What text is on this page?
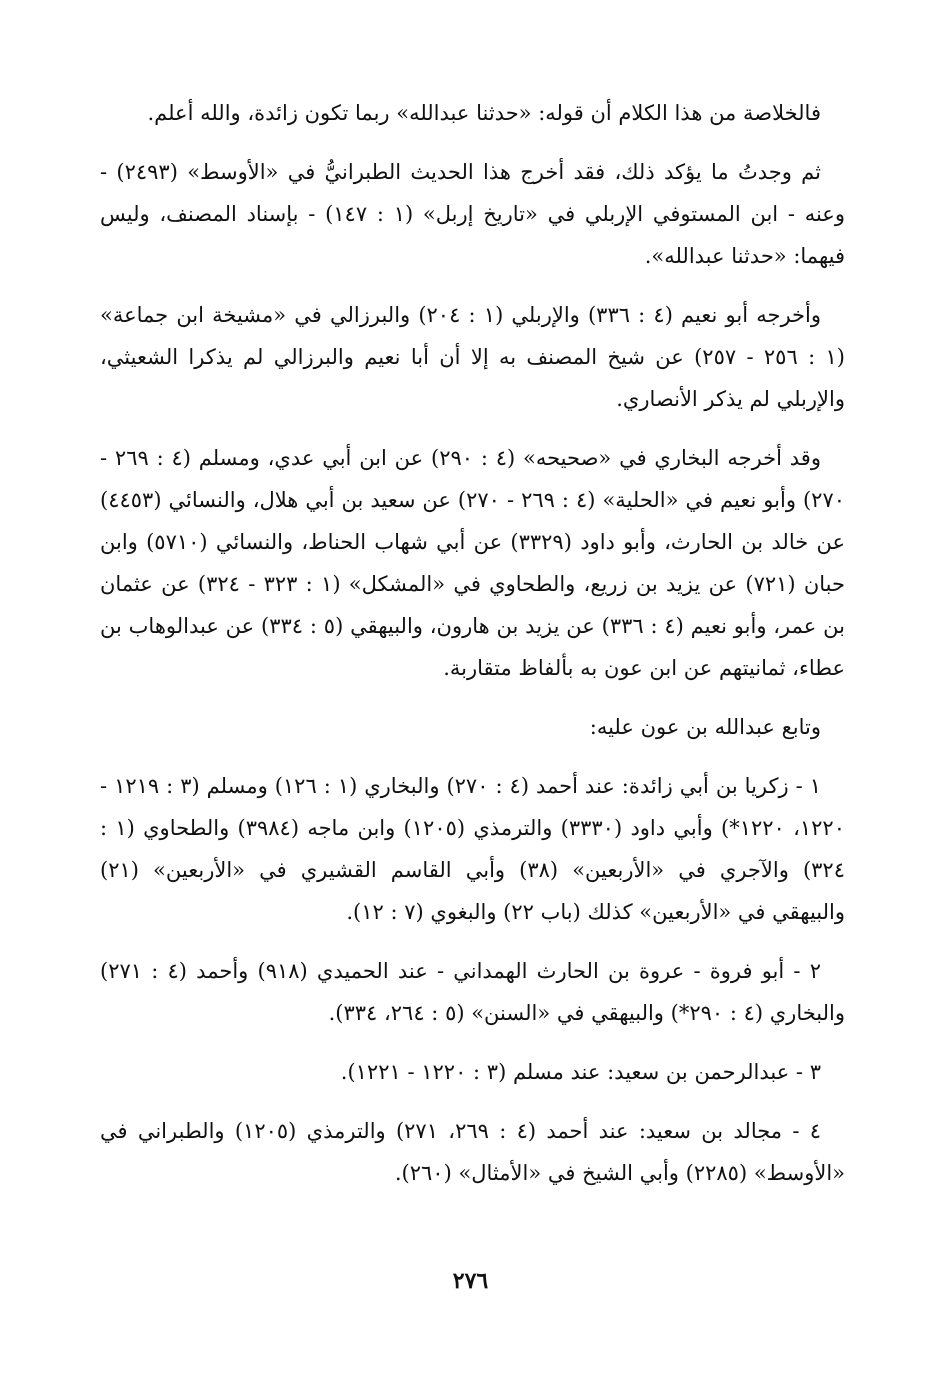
فالخلاصة من هذا الكلام أن قوله: «حدثنا عبدالله» ربما تكون زائدة، والله أعلم.

ثم وجدتُ ما يؤكد ذلك، فقد أخرج هذا الحديث الطبرانيُّ في «الأوسط» (٢٤٩٣) - وعنه - ابن المستوفي الإربلي في «تاريخ إربل» (١ : ١٤٧) - بإسناد المصنف، وليس فيهما: «حدثنا عبدالله».

وأخرجه أبو نعيم (٤ : ٣٣٦) والإربلي (١ : ٢٠٤) والبرزالي في «مشيخة ابن جماعة» (١ : ٢٥٦ - ٢٥٧) عن شيخ المصنف به إلا أن أبا نعيم والبرزالي لم يذكرا الشعيثي، والإربلي لم يذكر الأنصاري.

وقد أخرجه البخاري في «صحيحه» (٤ : ٢٩٠) عن ابن أبي عدي، ومسلم (٤ : ٢٦٩ - ٢٧٠) وأبو نعيم في «الحلية» (٤ : ٢٦٩ - ٢٧٠) عن سعيد بن أبي هلال، والنسائي (٤٤٥٣) عن خالد بن الحارث، وأبو داود (٣٣٢٩) عن أبي شهاب الحناط، والنسائي (٥٧١٠) وابن حبان (٧٢١) عن يزيد بن زريع، والطحاوي في «المشكل» (١ : ٣٢٣ - ٣٢٤) عن عثمان بن عمر، وأبو نعيم (٤ : ٣٣٦) عن يزيد بن هارون، والبيهقي (٥ : ٣٣٤) عن عبدالوهاب بن عطاء، ثمانيتهم عن ابن عون به بألفاظ متقاربة.

وتابع عبدالله بن عون عليه:

١ - زكريا بن أبي زائدة: عند أحمد (٤ : ٢٧٠) والبخاري (١ : ١٢٦) ومسلم (٣ : ١٢١٩ - ١٢٢٠، ١٢٢٠*) وأبي داود (٣٣٣٠) والترمذي (١٢٠٥) وابن ماجه (٣٩٨٤) والطحاوي (١ : ٣٢٤) والآجري في «الأربعين» (٣٨) وأبي القاسم القشيري في «الأربعين» (٢١) والبيهقي في «الأربعين» كذلك (باب ٢٢) والبغوي (٧ : ١٢).

٢ - أبو فروة - عروة بن الحارث الهمداني - عند الحميدي (٩١٨) وأحمد (٤ : ٢٧١) والبخاري (٤ : ٢٩٠*) والبيهقي في «السنن» (٥ : ٢٦٤، ٣٣٤).

٣ - عبدالرحمن بن سعيد: عند مسلم (٣ : ١٢٢٠ - ١٢٢١).

٤ - مجالد بن سعيد: عند أحمد (٤ : ٢٦٩، ٢٧١) والترمذي (١٢٠٥) والطبراني في «الأوسط» (٢٢٨٥) وأبي الشيخ في «الأمثال» (٢٦٠).

٢٧٦
